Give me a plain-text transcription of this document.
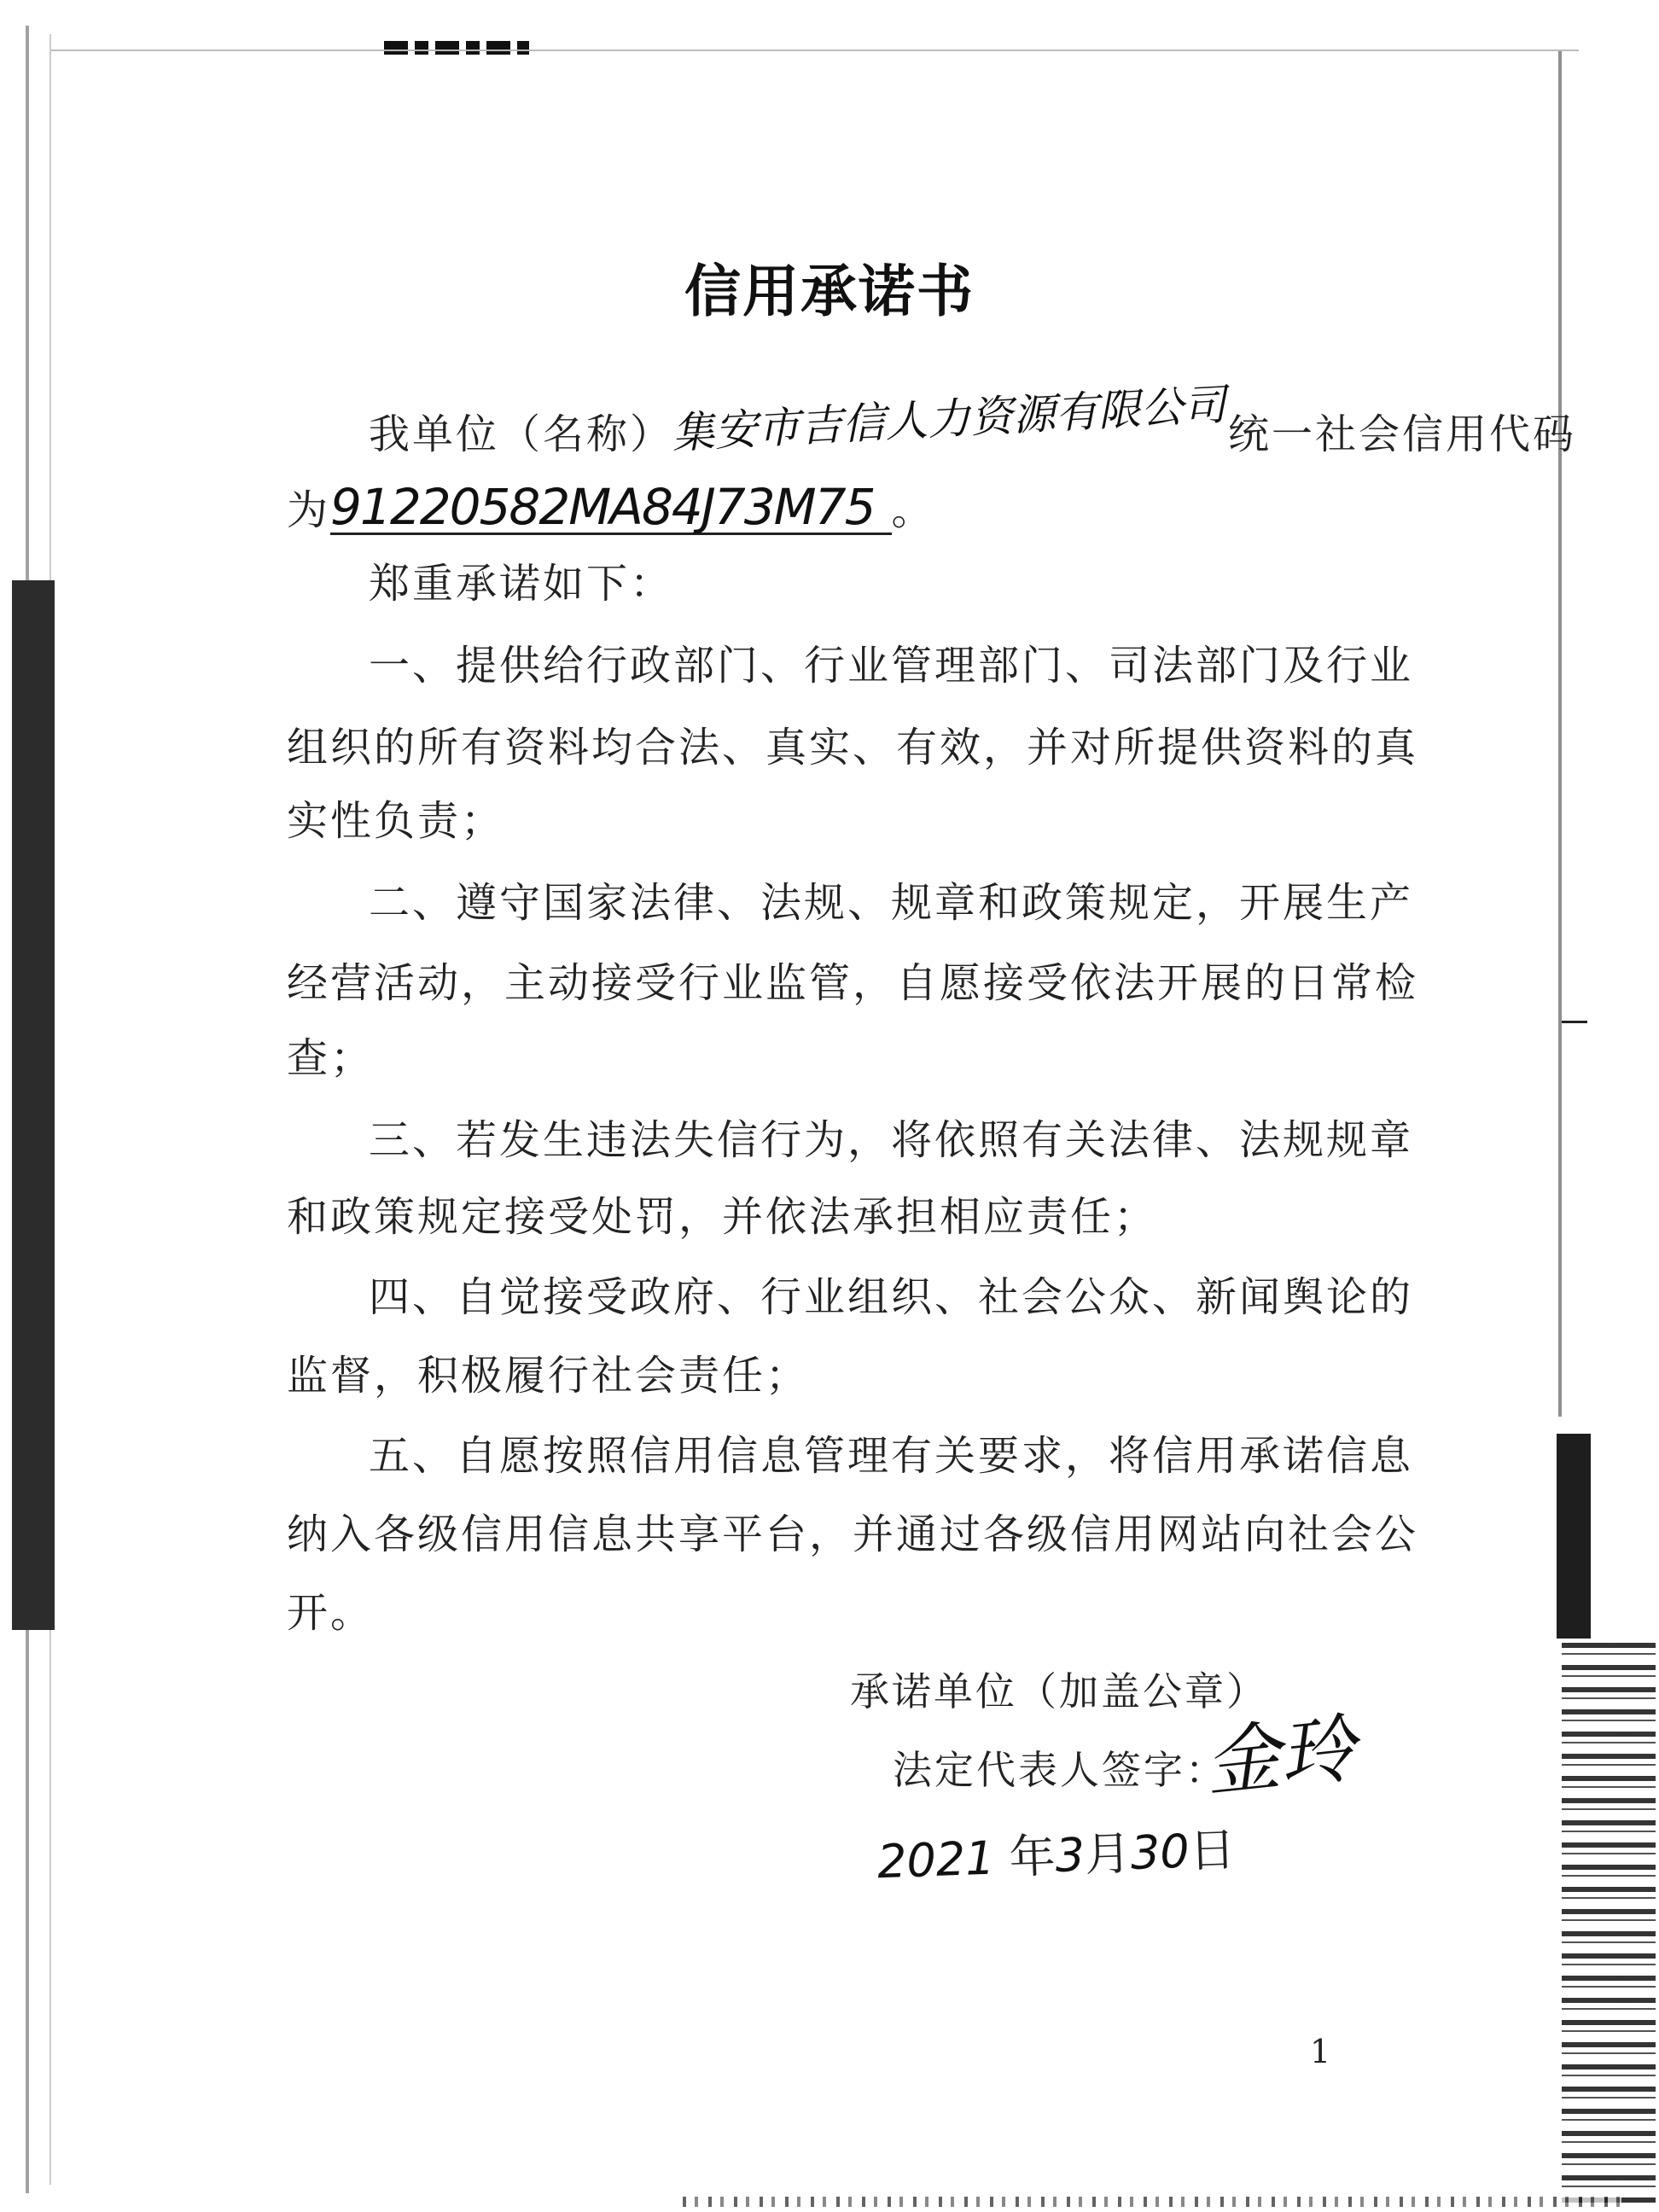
信用承诺书

我单位（名称）集安市吉信人力资源有限公司统一社会信用代码

为91220582MA84J73M75 。

郑重承诺如下：

一、提供给行政部门、行业管理部门、司法部门及行业

组织的所有资料均合法、真实、有效，并对所提供资料的真

实性负责；

二、遵守国家法律、法规、规章和政策规定，开展生产

经营活动，主动接受行业监管，自愿接受依法开展的日常检

查；

三、若发生违法失信行为，将依照有关法律、法规规章

和政策规定接受处罚，并依法承担相应责任；

四、自觉接受政府、行业组织、社会公众、新闻舆论的

监督，积极履行社会责任；

五、自愿按照信用信息管理有关要求，将信用承诺信息

纳入各级信用信息共享平台，并通过各级信用网站向社会公

开。

承诺单位（加盖公章）

法定代表人签字：

金玲

2021 年3月30日

1
